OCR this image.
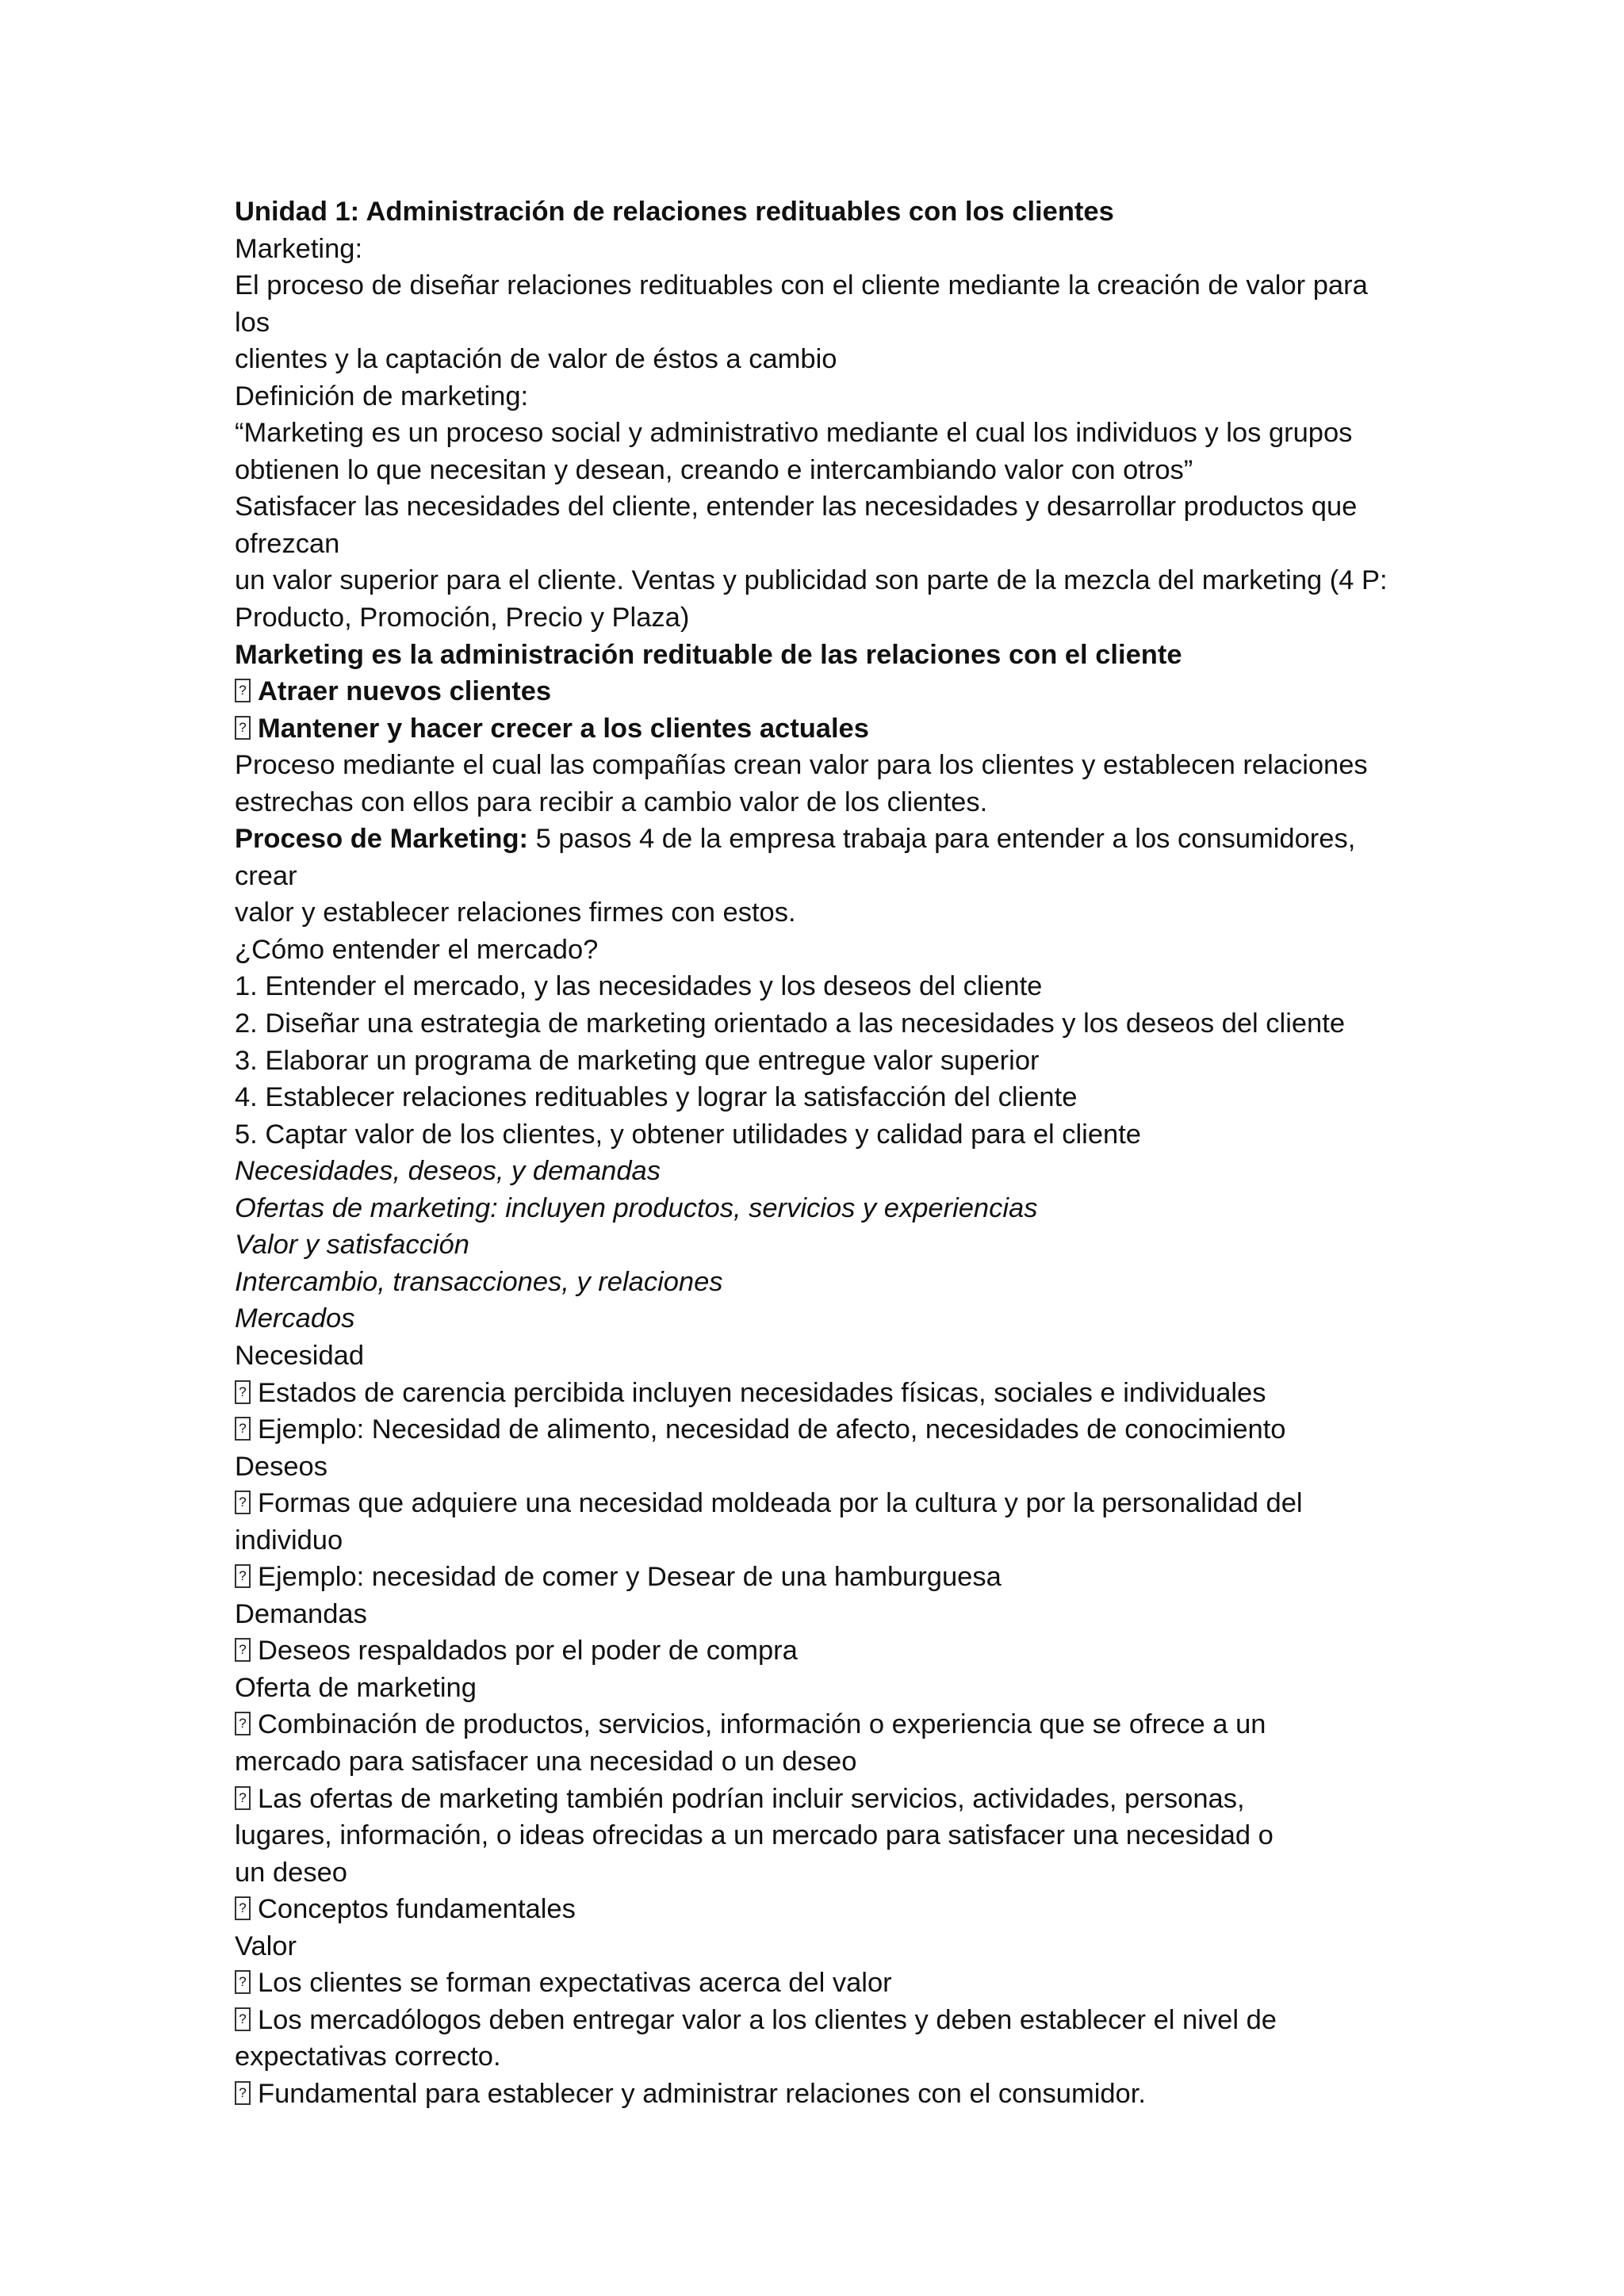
Unidad 1: Administración de relaciones redituables con los clientes
Marketing:
El proceso de diseñar relaciones redituables con el cliente mediante la creación de valor para
los
clientes y la captación de valor de éstos a cambio
Definición de marketing:
“Marketing es un proceso social y administrativo mediante el cual los individuos y los grupos
obtienen lo que necesitan y desean, creando e intercambiando valor con otros”
Satisfacer las necesidades del cliente, entender las necesidades y desarrollar productos que
ofrezcan
un valor superior para el cliente. Ventas y publicidad son parte de la mezcla del marketing (4 P:
Producto, Promoción, Precio y Plaza)
Marketing es la administración redituable de las relaciones con el cliente
?Atraer nuevos clientes
?Mantener y hacer crecer a los clientes actuales
Proceso mediante el cual las compañías crean valor para los clientes y establecen relaciones
estrechas con ellos para recibir a cambio valor de los clientes.
Proceso de Marketing: 5 pasos 4 de la empresa trabaja para entender a los consumidores,
crear
valor y establecer relaciones firmes con estos.
¿Cómo entender el mercado?
1. Entender el mercado, y las necesidades y los deseos del cliente
2. Diseñar una estrategia de marketing orientado a las necesidades y los deseos del cliente
3. Elaborar un programa de marketing que entregue valor superior
4. Establecer relaciones redituables y lograr la satisfacción del cliente
5. Captar valor de los clientes, y obtener utilidades y calidad para el cliente
Necesidades, deseos, y demandas
Ofertas de marketing: incluyen productos, servicios y experiencias
Valor y satisfacción
Intercambio, transacciones, y relaciones
Mercados
Necesidad
?Estados de carencia percibida incluyen necesidades físicas, sociales e individuales
?Ejemplo: Necesidad de alimento, necesidad de afecto, necesidades de conocimiento
Deseos
?Formas que adquiere una necesidad moldeada por la cultura y por la personalidad del
individuo
?Ejemplo: necesidad de comer y Desear de una hamburguesa
Demandas
?Deseos respaldados por el poder de compra
Oferta de marketing
?Combinación de productos, servicios, información o experiencia que se ofrece a un
mercado para satisfacer una necesidad o un deseo
?Las ofertas de marketing también podrían incluir servicios, actividades, personas,
lugares, información, o ideas ofrecidas a un mercado para satisfacer una necesidad o
un deseo
?Conceptos fundamentales
Valor
?Los clientes se forman expectativas acerca del valor
?Los mercadólogos deben entregar valor a los clientes y deben establecer el nivel de
expectativas correcto.
?Fundamental para establecer y administrar relaciones con el consumidor.
